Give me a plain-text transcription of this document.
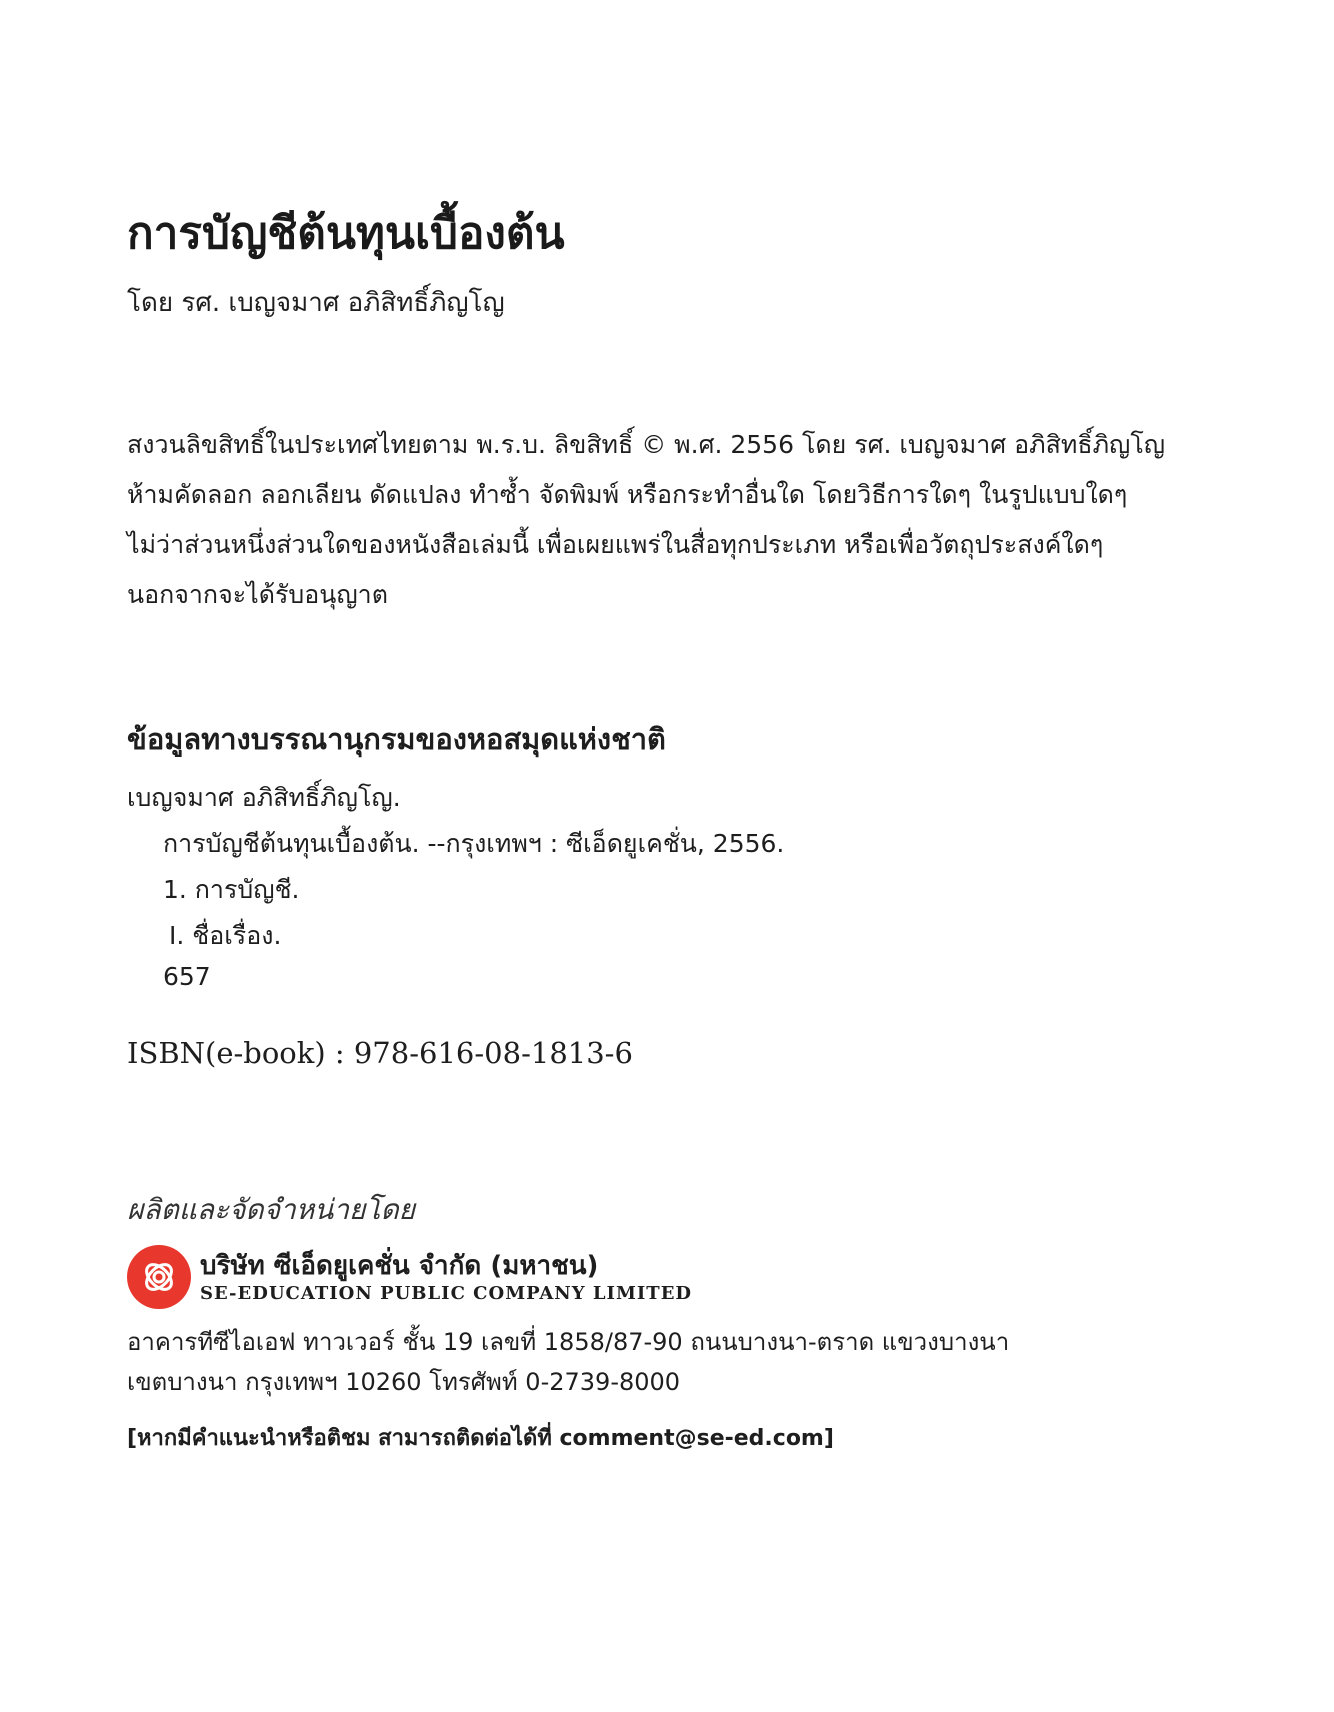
การบัญชีต้นทุนเบื้องต้น
โดย รศ. เบญจมาศ อภิสิทธิ์ภิญโญ
สงวนลิขสิทธิ์ในประเทศไทยตาม พ.ร.บ. ลิขสิทธิ์ © พ.ศ. 2556 โดย รศ. เบญจมาศ อภิสิทธิ์ภิญโญ
ห้ามคัดลอก ลอกเลียน ดัดแปลง ทำซ้ำ จัดพิมพ์ หรือกระทำอื่นใด โดยวิธีการใดๆ ในรูปแบบใดๆ
ไม่ว่าส่วนหนึ่งส่วนใดของหนังสือเล่มนี้ เพื่อเผยแพร่ในสื่อทุกประเภท หรือเพื่อวัตถุประสงค์ใดๆ
นอกจากจะได้รับอนุญาต
ข้อมูลทางบรรณานุกรมของหอสมุดแห่งชาติ
เบญจมาศ อภิสิทธิ์ภิญโญ.
การบัญชีต้นทุนเบื้องต้น. --กรุงเทพฯ : ซีเอ็ดยูเคชั่น, 2556.
1. การบัญชี.
I. ชื่อเรื่อง.
657
ISBN(e-book) : 978-616-08-1813-6
ผลิตและจัดจำหน่ายโดย
บริษัท ซีเอ็ดยูเคชั่น จำกัด (มหาชน)
SE-EDUCATION PUBLIC COMPANY LIMITED
อาคารทีซีไอเอฟ ทาวเวอร์ ชั้น 19 เลขที่ 1858/87-90 ถนนบางนา-ตราด แขวงบางนา
เขตบางนา กรุงเทพฯ 10260 โทรศัพท์ 0-2739-8000
[หากมีคำแนะนำหรือติชม สามารถติดต่อได้ที่ comment@se-ed.com]
